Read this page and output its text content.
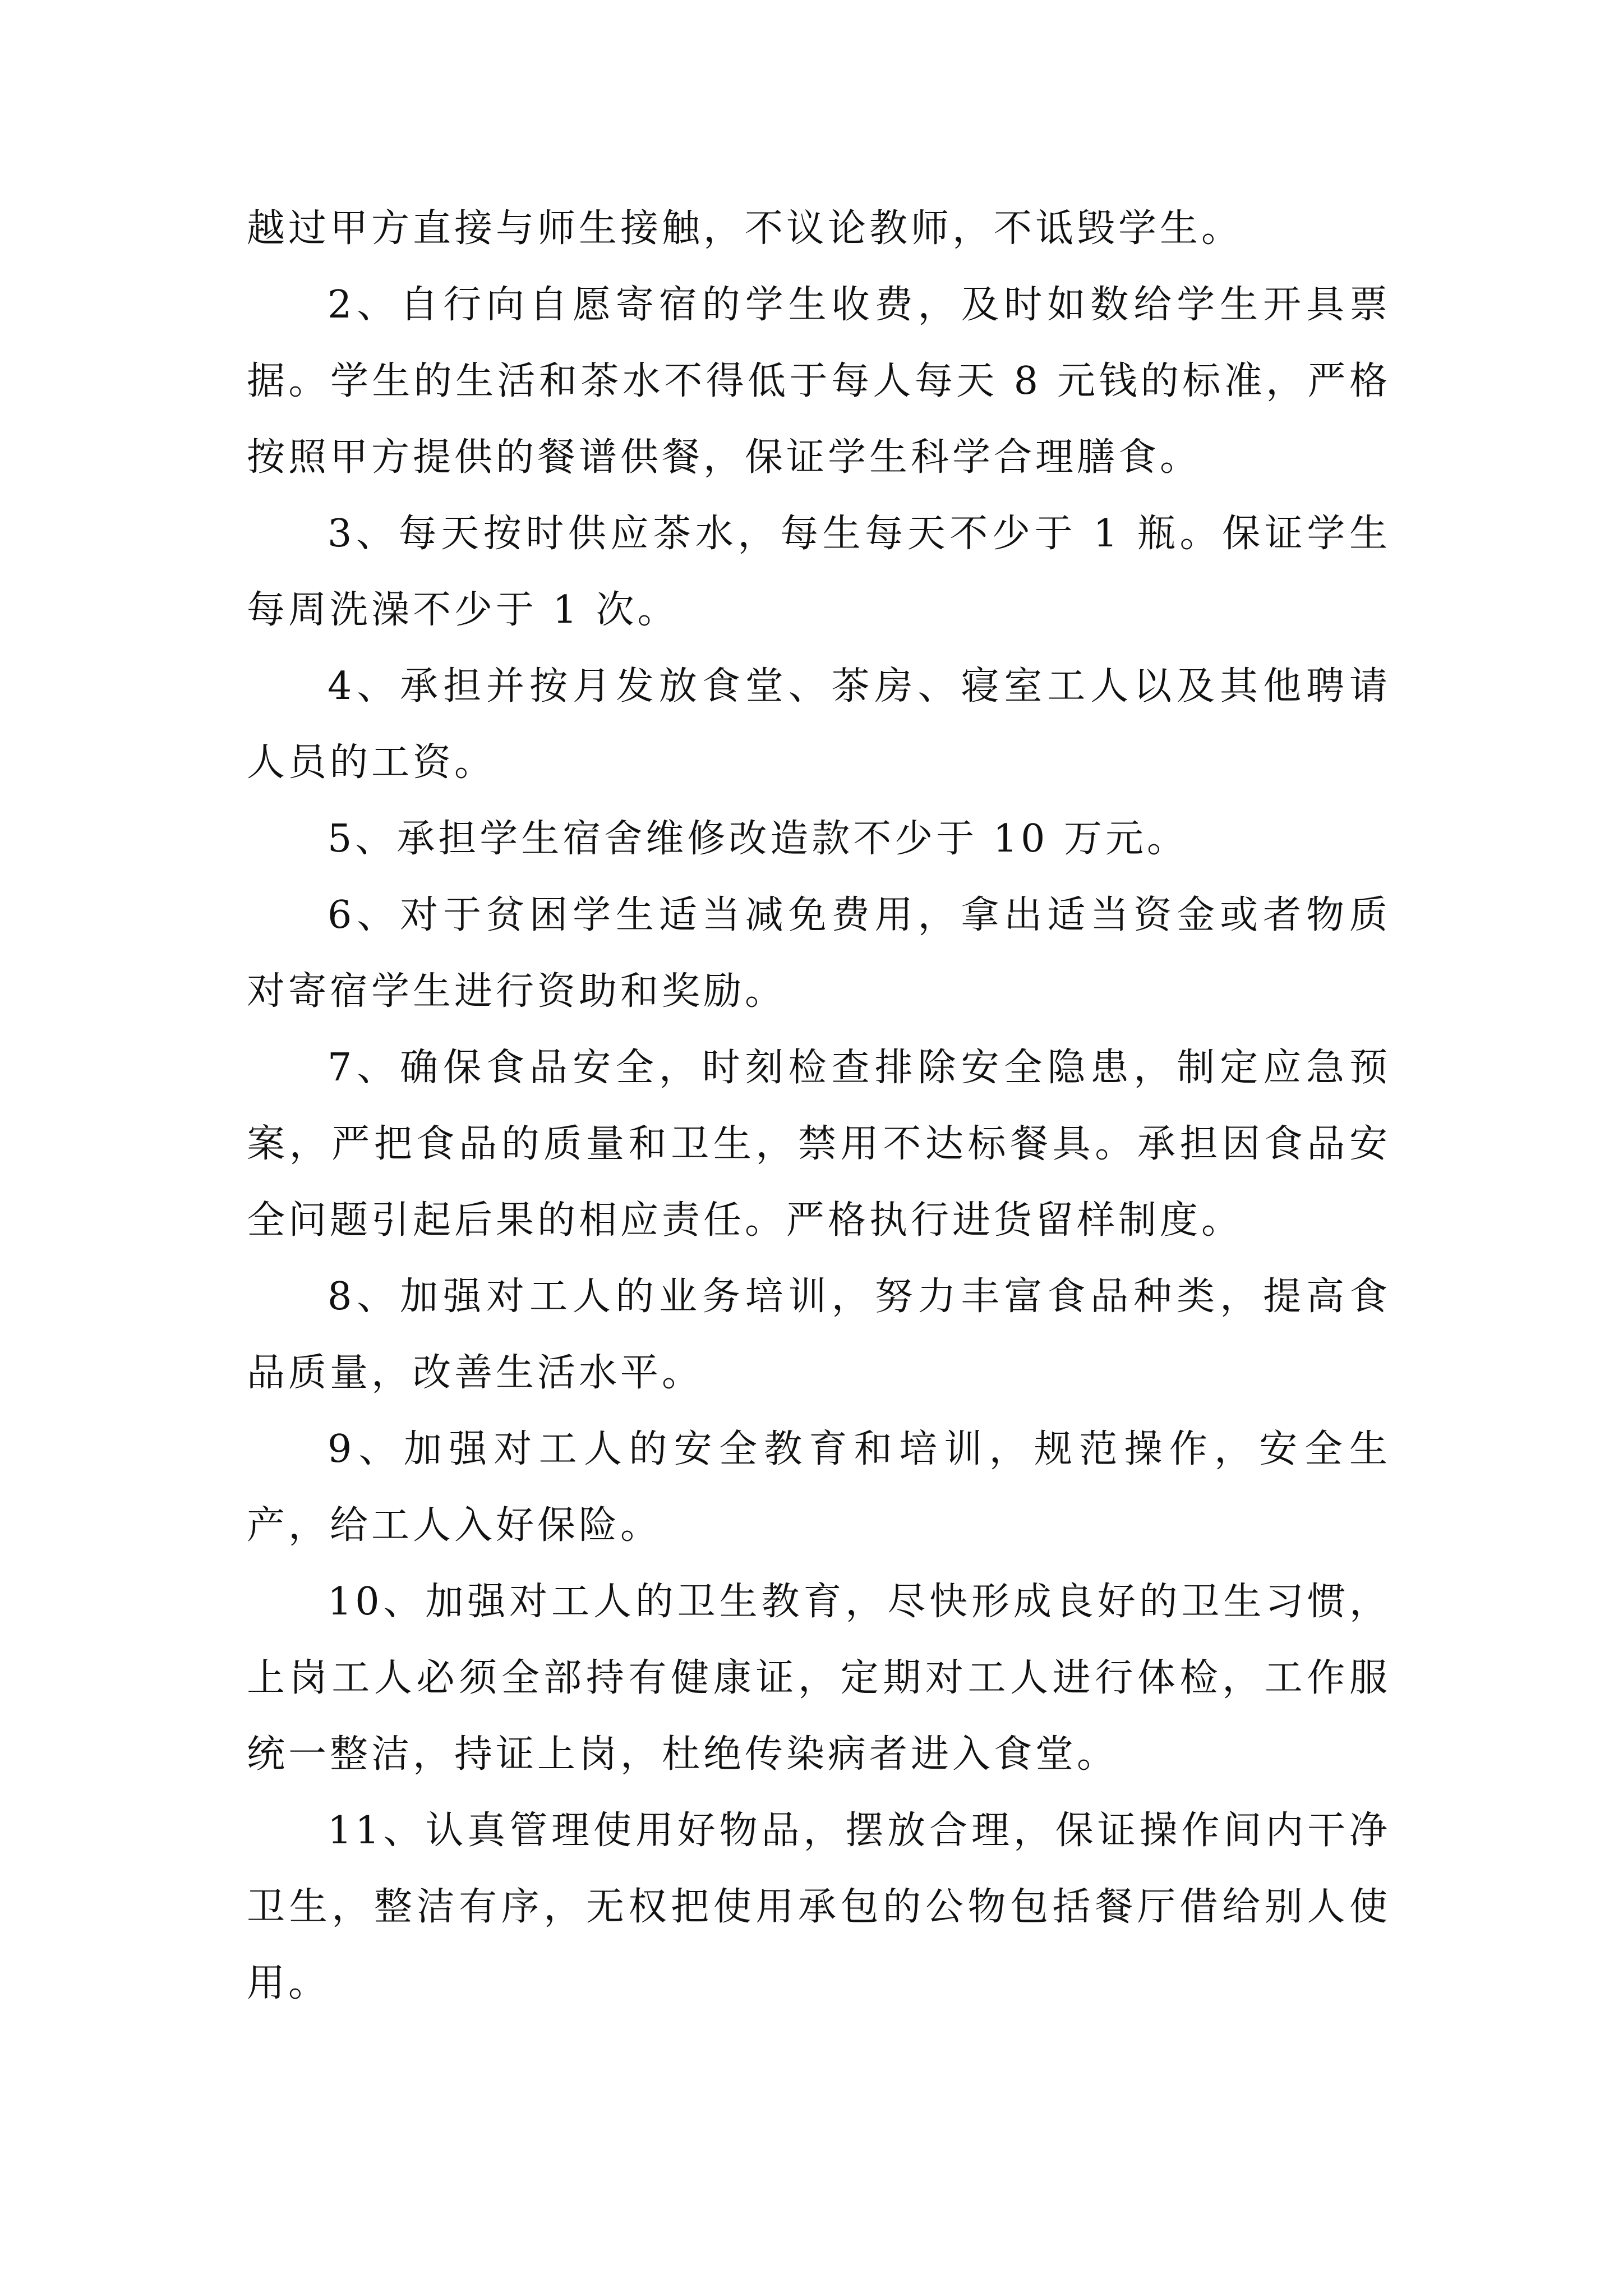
越过甲方直接与师生接触，不议论教师，不诋毁学生。

2、自行向自愿寄宿的学生收费，及时如数给学生开具票据。学生的生活和茶水不得低于每人每天 8 元钱的标准，严格按照甲方提供的餐谱供餐，保证学生科学合理膳食。

3、每天按时供应茶水，每生每天不少于 1 瓶。保证学生每周洗澡不少于 1 次。

4、承担并按月发放食堂、茶房、寝室工人以及其他聘请人员的工资。

5、承担学生宿舍维修改造款不少于 10 万元。

6、对于贫困学生适当减免费用，拿出适当资金或者物质对寄宿学生进行资助和奖励。

7、确保食品安全，时刻检查排除安全隐患，制定应急预案，严把食品的质量和卫生，禁用不达标餐具。承担因食品安全问题引起后果的相应责任。严格执行进货留样制度。

8、加强对工人的业务培训，努力丰富食品种类，提高食品质量，改善生活水平。

9、加强对工人的安全教育和培训，规范操作，安全生产，给工人入好保险。

10、加强对工人的卫生教育，尽快形成良好的卫生习惯，上岗工人必须全部持有健康证，定期对工人进行体检，工作服统一整洁，持证上岗，杜绝传染病者进入食堂。

11、认真管理使用好物品，摆放合理，保证操作间内干净卫生，整洁有序，无权把使用承包的公物包括餐厅借给别人使用。
